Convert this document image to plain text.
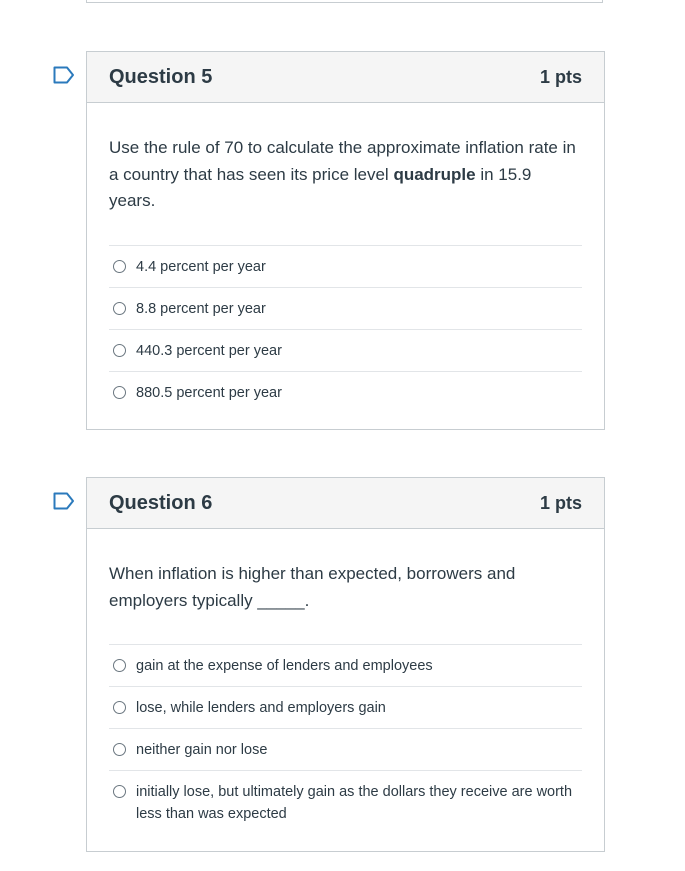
Question 5	1 pts
Use the rule of 70 to calculate the approximate inflation rate in a country that has seen its price level quadruple in 15.9 years.
4.4 percent per year
8.8 percent per year
440.3 percent per year
880.5 percent per year
Question 6	1 pts
When inflation is higher than expected, borrowers and employers typically _____.
gain at the expense of lenders and employees
lose, while lenders and employers gain
neither gain nor lose
initially lose, but ultimately gain as the dollars they receive are worth less than was expected
